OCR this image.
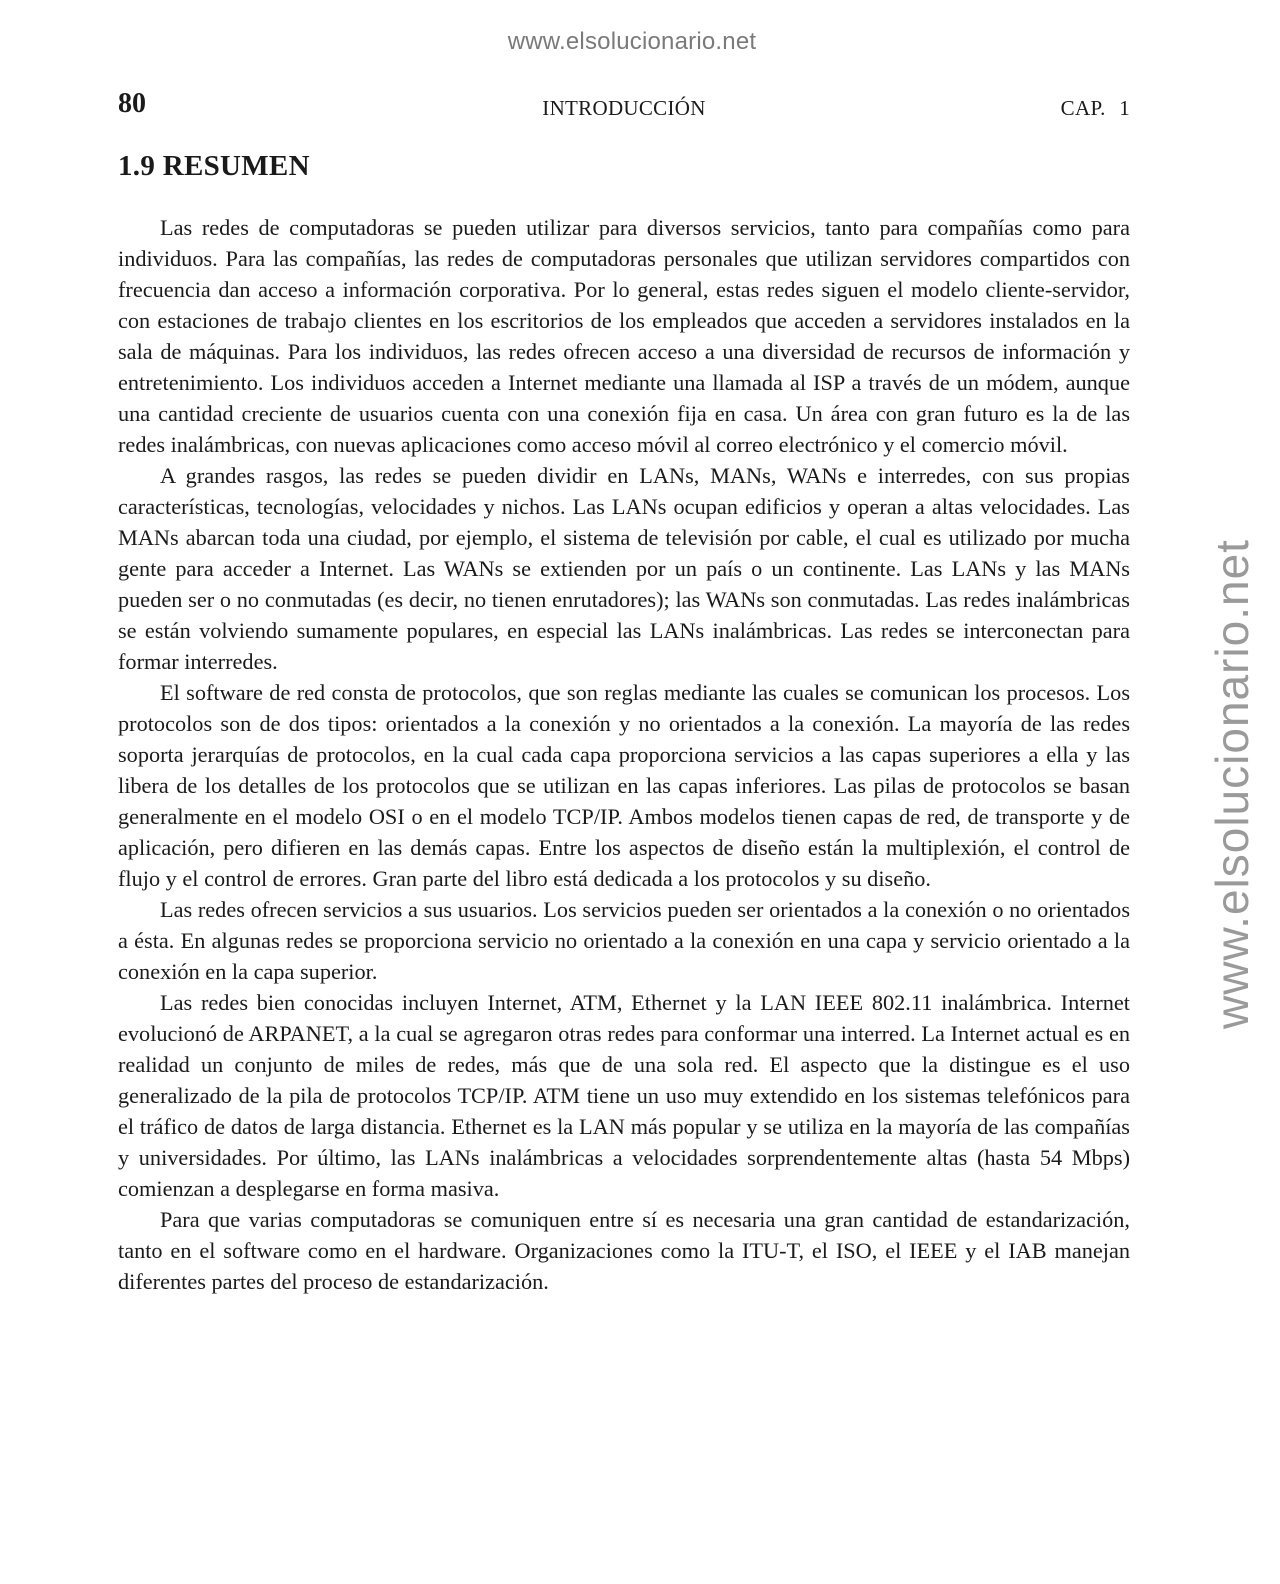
www.elsolucionario.net
www.elsolucionario.net
80	INTRODUCCIÓN	CAP. 1
1.9 RESUMEN

Las redes de computadoras se pueden utilizar para diversos servicios, tanto para compañías como para individuos. Para las compañías, las redes de computadoras personales que utilizan servidores compartidos con frecuencia dan acceso a información corporativa. Por lo general, estas redes siguen el modelo cliente-servidor, con estaciones de trabajo clientes en los escritorios de los empleados que acceden a servidores instalados en la sala de máquinas. Para los individuos, las redes ofrecen acceso a una diversidad de recursos de información y entretenimiento. Los individuos acceden a Internet mediante una llamada al ISP a través de un módem, aunque una cantidad creciente de usuarios cuenta con una conexión fija en casa. Un área con gran futuro es la de las redes inalámbricas, con nuevas aplicaciones como acceso móvil al correo electrónico y el comercio móvil.

A grandes rasgos, las redes se pueden dividir en LANs, MANs, WANs e interredes, con sus propias características, tecnologías, velocidades y nichos. Las LANs ocupan edificios y operan a altas velocidades. Las MANs abarcan toda una ciudad, por ejemplo, el sistema de televisión por cable, el cual es utilizado por mucha gente para acceder a Internet. Las WANs se extienden por un país o un continente. Las LANs y las MANs pueden ser o no conmutadas (es decir, no tienen enrutadores); las WANs son conmutadas. Las redes inalámbricas se están volviendo sumamente populares, en especial las LANs inalámbricas. Las redes se interconectan para formar interredes.

El software de red consta de protocolos, que son reglas mediante las cuales se comunican los procesos. Los protocolos son de dos tipos: orientados a la conexión y no orientados a la conexión. La mayoría de las redes soporta jerarquías de protocolos, en la cual cada capa proporciona servicios a las capas superiores a ella y las libera de los detalles de los protocolos que se utilizan en las capas inferiores. Las pilas de protocolos se basan generalmente en el modelo OSI o en el modelo TCP/IP. Ambos modelos tienen capas de red, de transporte y de aplicación, pero difieren en las demás capas. Entre los aspectos de diseño están la multiplexión, el control de flujo y el control de errores. Gran parte del libro está dedicada a los protocolos y su diseño.

Las redes ofrecen servicios a sus usuarios. Los servicios pueden ser orientados a la conexión o no orientados a ésta. En algunas redes se proporciona servicio no orientado a la conexión en una capa y servicio orientado a la conexión en la capa superior.

Las redes bien conocidas incluyen Internet, ATM, Ethernet y la LAN IEEE 802.11 inalámbrica. Internet evolucionó de ARPANET, a la cual se agregaron otras redes para conformar una interred. La Internet actual es en realidad un conjunto de miles de redes, más que de una sola red. El aspecto que la distingue es el uso generalizado de la pila de protocolos TCP/IP. ATM tiene un uso muy extendido en los sistemas telefónicos para el tráfico de datos de larga distancia. Ethernet es la LAN más popular y se utiliza en la mayoría de las compañías y universidades. Por último, las LANs inalámbricas a velocidades sorprendentemente altas (hasta 54 Mbps) comienzan a desplegarse en forma masiva.

Para que varias computadoras se comuniquen entre sí es necesaria una gran cantidad de estandarización, tanto en el software como en el hardware. Organizaciones como la ITU-T, el ISO, el IEEE y el IAB manejan diferentes partes del proceso de estandarización.
